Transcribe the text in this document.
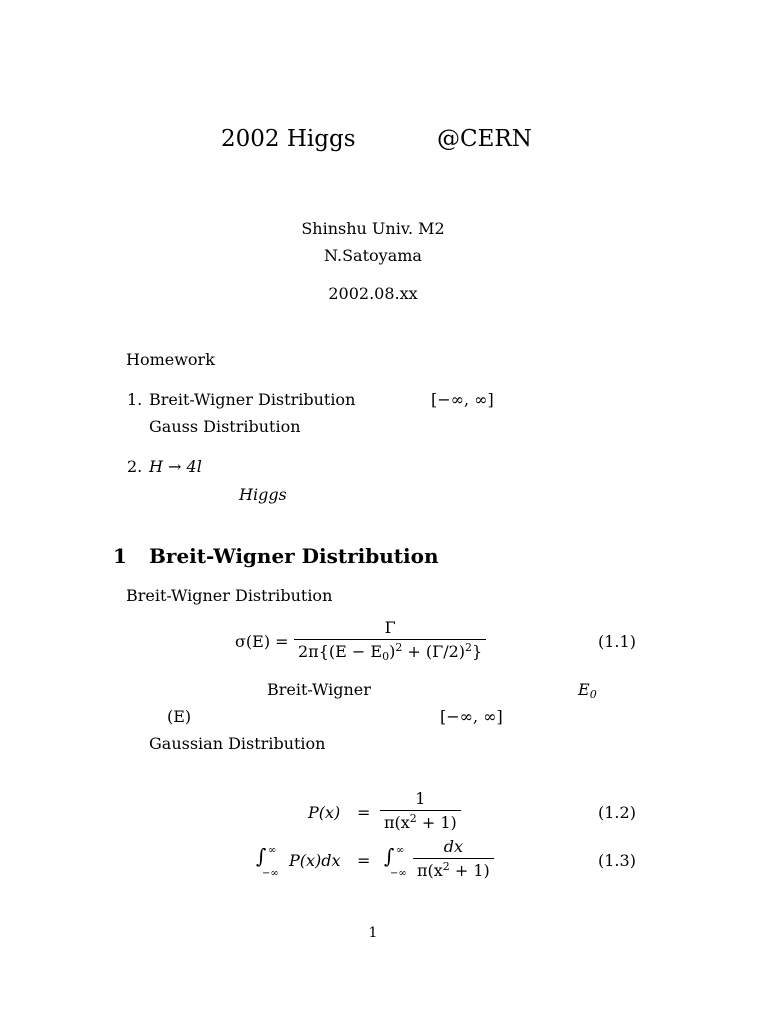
2002 Higgs	@CERN
Shinshu Univ. M2
N.Satoyama
2002.08.xx
Homework
1. Breit-Wigner Distribution	[−∞, ∞]
Gauss Distribution
2. H → 4l
Higgs
1 Breit-Wigner Distribution
Breit-Wigner Distribution
σ(E) =
Γ
$2\pi\{(E - E_0)^2 + (\Gamma/2)^2\}$
(1.1)
Breit-Wigner	$E_0$
(E)	[−∞, ∞]
Gaussian Distribution
P(x) =
1
$\pi(x^2 + 1)$
(1.2)
∫ ∞
−∞
P(x)dx = ∫ ∞
−∞
dx
$\pi(x^2 + 1)$
(1.3)
1
